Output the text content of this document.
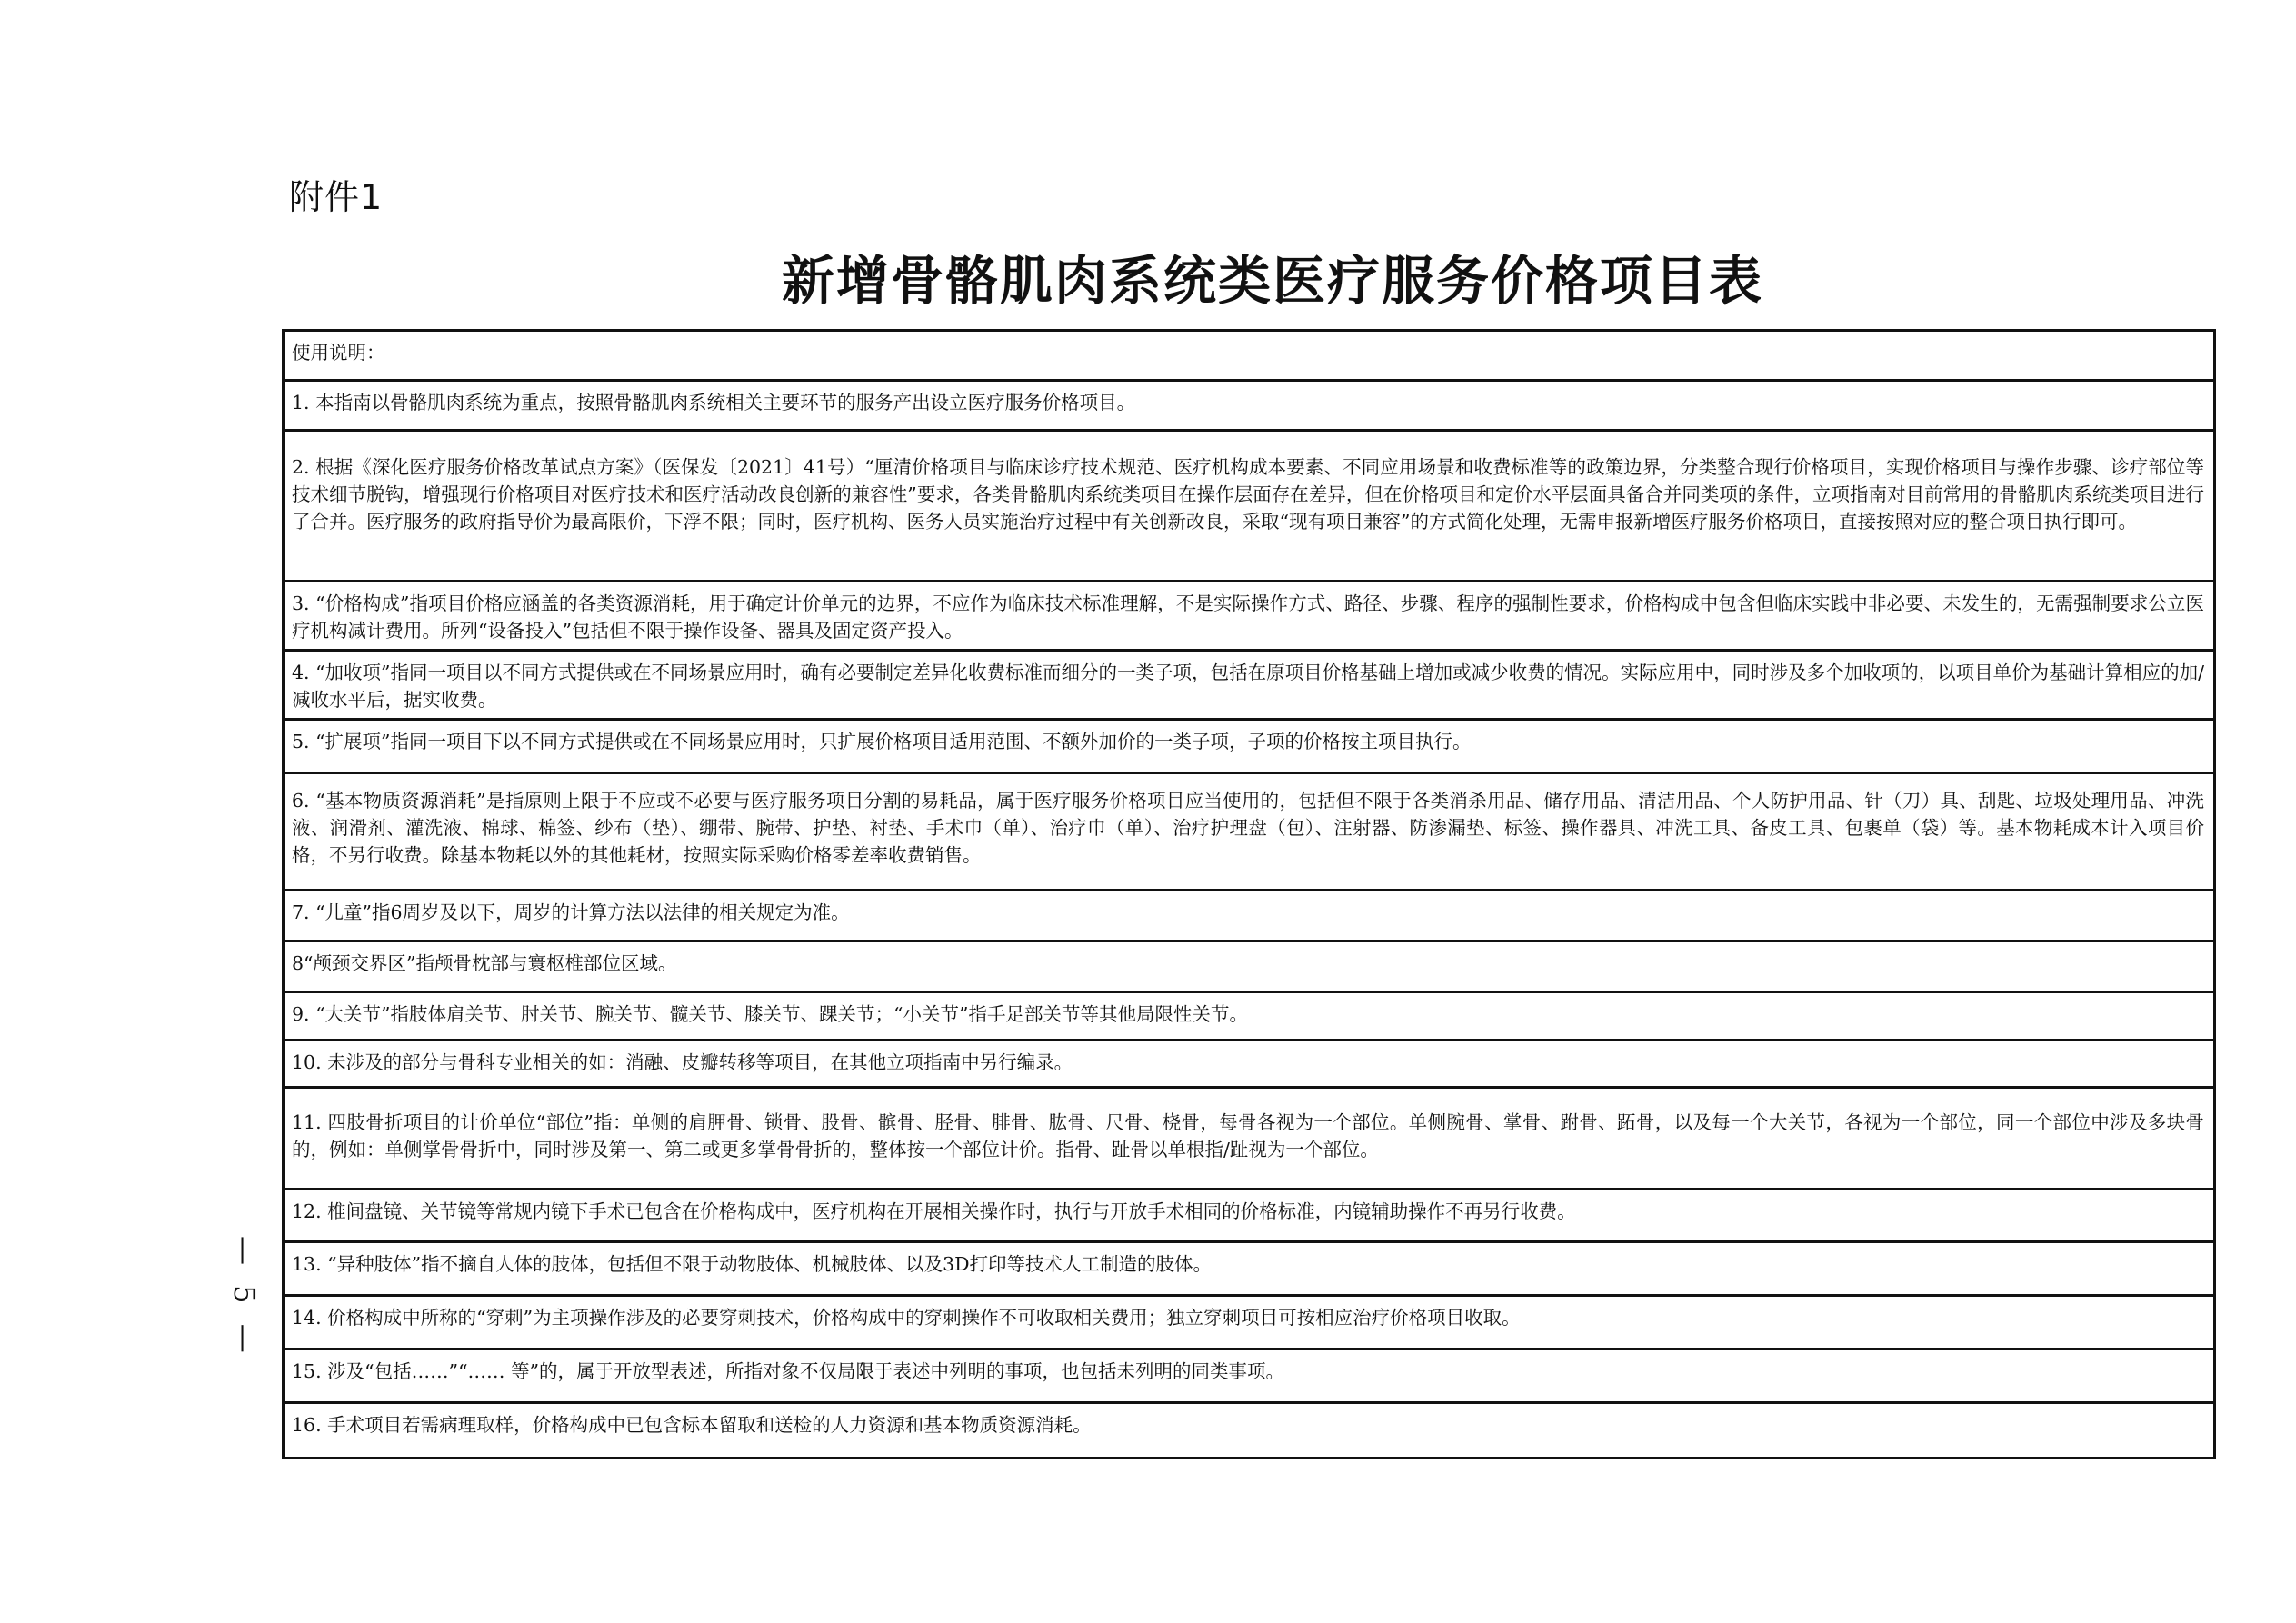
附件1
新增骨骼肌肉系统类医疗服务价格项目表
使用说明：
1. 本指南以骨骼肌肉系统为重点，按照骨骼肌肉系统相关主要环节的服务产出设立医疗服务价格项目。
2. 根据《深化医疗服务价格改革试点方案》（医保发〔2021〕41号）“厘清价格项目与临床诊疗技术规范、医疗机构成本要素、不同应用场景和收费标准等的政策边界，分类整合现行价格项目，实现价格项目与操作步骤、诊疗部位等技术细节脱钩，增强现行价格项目对医疗技术和医疗活动改良创新的兼容性”要求，各类骨骼肌肉系统类项目在操作层面存在差异，但在价格项目和定价水平层面具备合并同类项的条件，立项指南对目前常用的骨骼肌肉系统类项目进行了合并。医疗服务的政府指导价为最高限价，下浮不限；同时，医疗机构、医务人员实施治疗过程中有关创新改良，采取“现有项目兼容”的方式简化处理，无需申报新增医疗服务价格项目，直接按照对应的整合项目执行即可。
3. “价格构成”指项目价格应涵盖的各类资源消耗，用于确定计价单元的边界，不应作为临床技术标准理解，不是实际操作方式、路径、步骤、程序的强制性要求，价格构成中包含但临床实践中非必要、未发生的，无需强制要求公立医疗机构减计费用。所列“设备投入”包括但不限于操作设备、器具及固定资产投入。
4. “加收项”指同一项目以不同方式提供或在不同场景应用时，确有必要制定差异化收费标准而细分的一类子项，包括在原项目价格基础上增加或减少收费的情况。实际应用中，同时涉及多个加收项的，以项目单价为基础计算相应的加/减收水平后，据实收费。
5. “扩展项”指同一项目下以不同方式提供或在不同场景应用时，只扩展价格项目适用范围、不额外加价的一类子项，子项的价格按主项目执行。
6. “基本物质资源消耗”是指原则上限于不应或不必要与医疗服务项目分割的易耗品，属于医疗服务价格项目应当使用的，包括但不限于各类消杀用品、储存用品、清洁用品、个人防护用品、针（刀）具、刮匙、垃圾处理用品、冲洗液、润滑剂、灌洗液、棉球、棉签、纱布（垫）、绷带、腕带、护垫、衬垫、手术巾（单）、治疗巾（单）、治疗护理盘（包）、注射器、防渗漏垫、标签、操作器具、冲洗工具、备皮工具、包裹单（袋）等。基本物耗成本计入项目价格，不另行收费。除基本物耗以外的其他耗材，按照实际采购价格零差率收费销售。
7. “儿童”指6周岁及以下，周岁的计算方法以法律的相关规定为准。
8“颅颈交界区”指颅骨枕部与寰枢椎部位区域。
9. “大关节”指肢体肩关节、肘关节、腕关节、髋关节、膝关节、踝关节；“小关节”指手足部关节等其他局限性关节。
10. 未涉及的部分与骨科专业相关的如：消融、皮瓣转移等项目，在其他立项指南中另行编录。
11. 四肢骨折项目的计价单位“部位”指：单侧的肩胛骨、锁骨、股骨、髌骨、胫骨、腓骨、肱骨、尺骨、桡骨，每骨各视为一个部位。单侧腕骨、掌骨、跗骨、跖骨，以及每一个大关节，各视为一个部位，同一个部位中涉及多块骨的，例如：单侧掌骨骨折中，同时涉及第一、第二或更多掌骨骨折的，整体按一个部位计价。指骨、趾骨以单根指/趾视为一个部位。
12. 椎间盘镜、关节镜等常规内镜下手术已包含在价格构成中，医疗机构在开展相关操作时，执行与开放手术相同的价格标准，内镜辅助操作不再另行收费。
13. “异种肢体”指不摘自人体的肢体，包括但不限于动物肢体、机械肢体、以及3D打印等技术人工制造的肢体。
14. 价格构成中所称的“穿刺”为主项操作涉及的必要穿刺技术，价格构成中的穿刺操作不可收取相关费用；独立穿刺项目可按相应治疗价格项目收取。
15. 涉及“包括……”“…… 等”的，属于开放型表述，所指对象不仅局限于表述中列明的事项，也包括未列明的同类事项。
16. 手术项目若需病理取样，价格构成中已包含标本留取和送检的人力资源和基本物质资源消耗。
— 5 —
